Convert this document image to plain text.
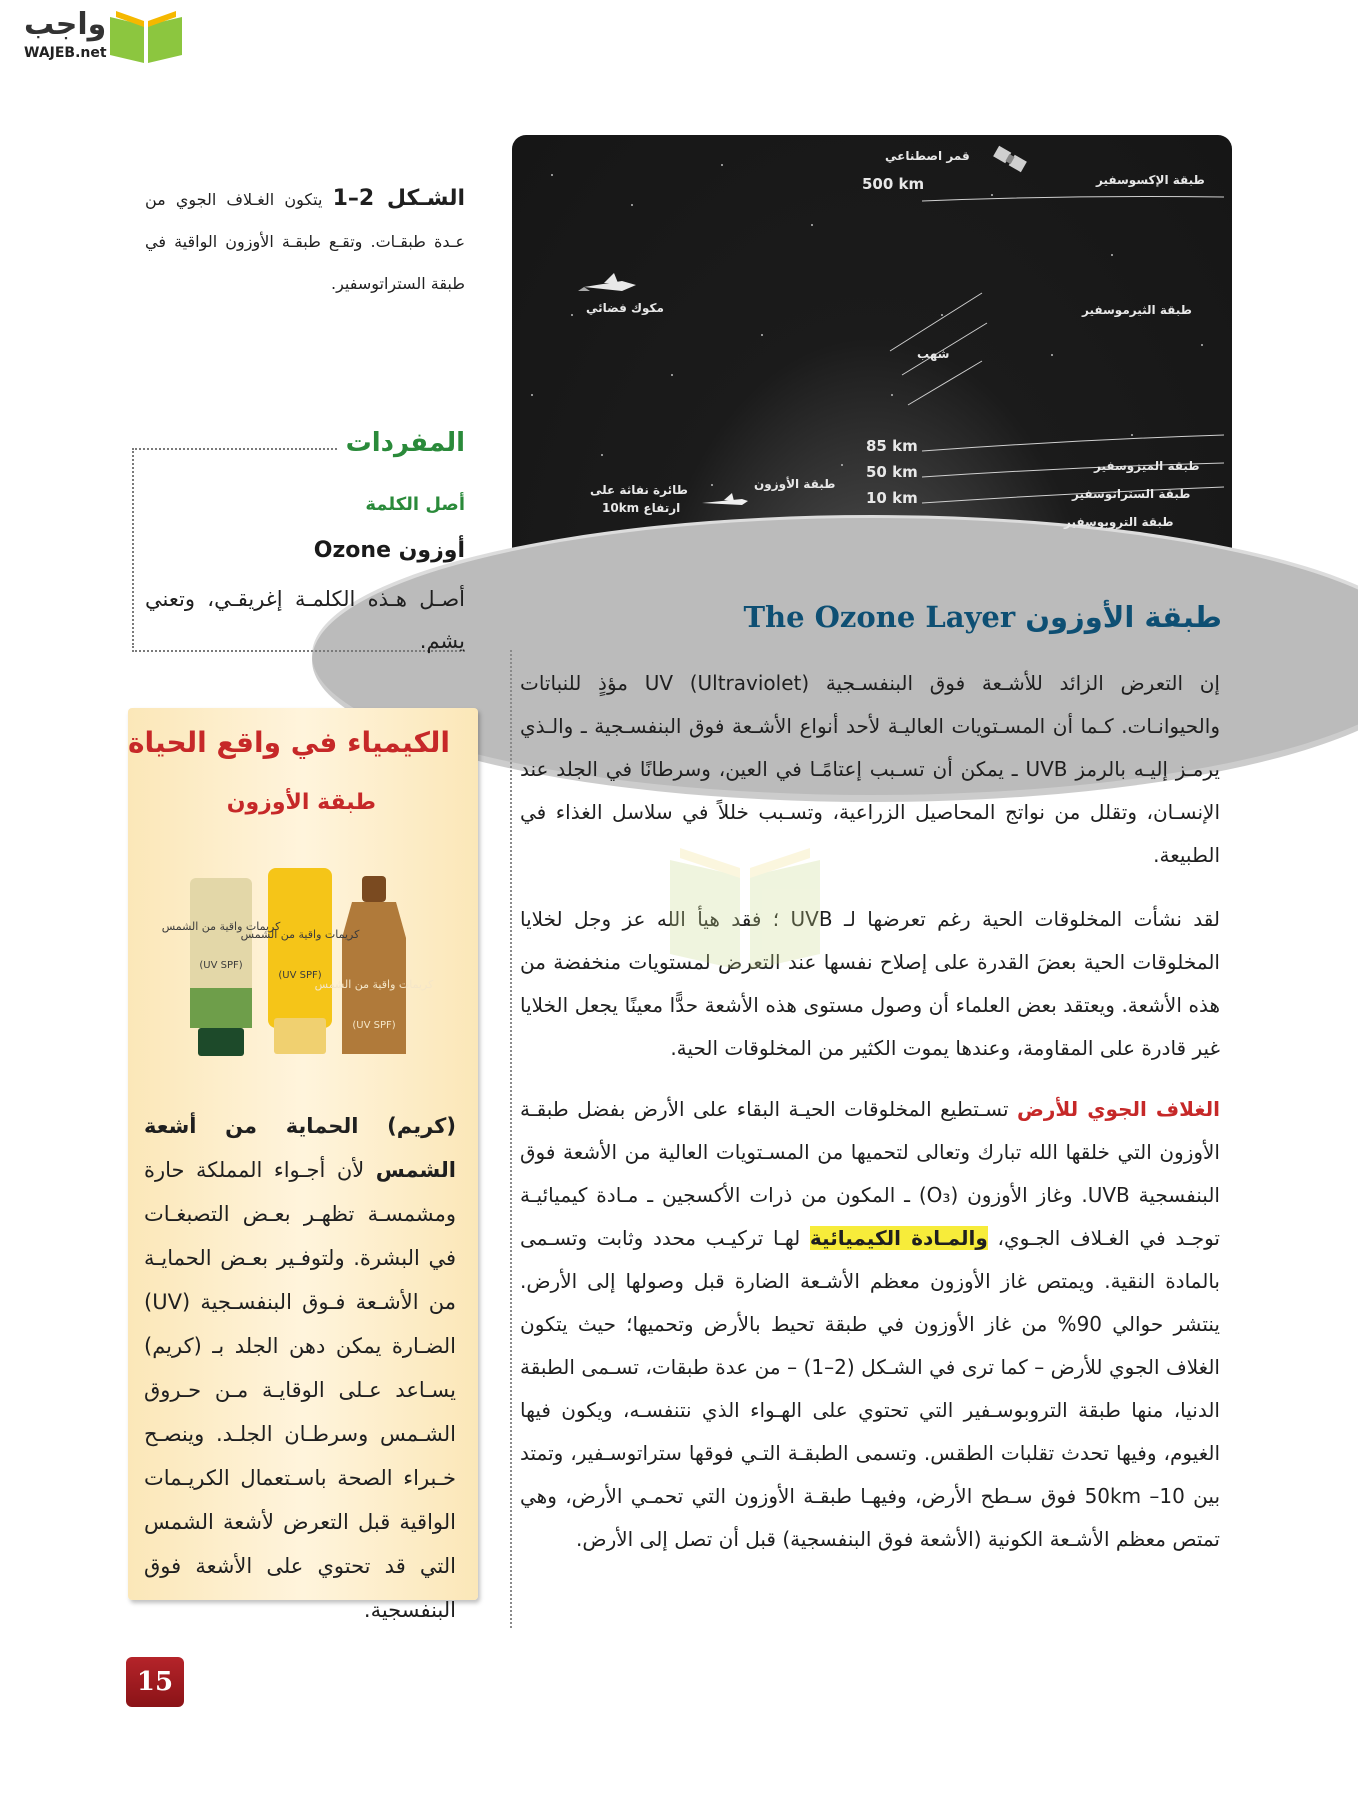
واجب
WAJEB.net
قمر اصطناعي
طبقة الإكسوسفير
500 km
مكوك فضائي	طبقة الثيرموسفير
شهب
85 km
طبقة الميزوسفير
50 km
طبقة الأوزون
طائرة نفاثة على	طبقة الستراتوسفير
10 km
ارتفاع 10km
طبقة التروبوسفير
الشـكل 2–1 يتكون الغـلاف الجوي من عـدة طبقـات. وتقـع طبقـة الأوزون الواقية في طبقة الستراتوسفير.
المفردات
أصل الكلمة
أوزون Ozone
أصـل هـذه الكلمـة إغريقـي، وتعني يشم.
الكيمياء في واقع الحياة
طبقة الأوزون
كريمات واقية من الشمس
(UV SPF)
كريمات واقية من الشمس
(UV SPF)
كريمات واقية من الشمس
(UV SPF)
(كريم) الحماية من أشعة الشمس لأن أجـواء المملكة حارة ومشمسـة تظهـر بعـض التصبغـات في البشرة. ولتوفـير بعـض الحمايـة من الأشـعة فـوق البنفسـجية (UV) الضـارة يمكن دهن الجلد بـ (كريم) يسـاعد عـلى الوقايـة مـن حـروق الشـمس وسرطـان الجلـد. وينصـح خـبراء الصحة باسـتعمال الكريـمات الواقية قبل التعرض لأشعة الشمس التي قد تحتوي على الأشعة فوق البنفسجية.
طبقة الأوزون The Ozone Layer
إن التعرض الزائد للأشـعة فوق البنفسـجية UV (Ultraviolet) مؤذٍ للنباتات والحيوانـات. كـما أن المسـتويات العاليـة لأحد أنواع الأشـعة فوق البنفسـجية ـ والـذي يرمـز إليـه بالرمز UVB ـ يمكن أن تسـبب إعتامًـا في العين، وسرطانًا في الجلد عند الإنسـان، وتقلل من نواتج المحاصيل الزراعية، وتسـبب خللاً في سلاسل الغذاء في الطبيعة.
لقد نشأت المخلوقات الحية رغم تعرضها لـ UVB ؛ فقد هيأ الله عز وجل لخلايا المخلوقات الحية بعضَ القدرة على إصلاح نفسها عند التعرض لمستويات منخفضة من هذه الأشعة. ويعتقد بعض العلماء أن وصول مستوى هذه الأشعة حدًّا معينًا يجعل الخلايا غير قادرة على المقاومة، وعندها يموت الكثير من المخلوقات الحية.
الغلاف الجوي للأرض تسـتطيع المخلوقات الحيـة البقاء على الأرض بفضل طبقـة الأوزون التي خلقها الله تبارك وتعالى لتحميها من المسـتويات العالية من الأشعة فوق البنفسجية UVB. وغاز الأوزون (O₃) ـ المكون من ذرات الأكسجين ـ مـادة كيميائيـة توجـد في الغـلاف الجـوي، والمـادة الكيميائية لهـا تركيـب محدد وثابت وتسـمى بالمادة النقية. ويمتص غاز الأوزون معظم الأشـعة الضارة قبل وصولها إلى الأرض. ينتشر حوالي 90% من غاز الأوزون في طبقة تحيط بالأرض وتحميها؛ حيث يتكون الغلاف الجوي للأرض – كما ترى في الشـكل (2–1) – من عدة طبقات، تسـمى الطبقة الدنيا، منها طبقة التروبوسـفير التي تحتوي على الهـواء الذي نتنفسـه، ويكون فيها الغيوم، وفيها تحدث تقلبات الطقس. وتسمى الطبقـة التـي فوقها ستراتوسـفير، وتمتد بين 50km –10 فوق سـطح الأرض، وفيهـا طبقـة الأوزون التي تحمـي الأرض، وهي تمتص معظم الأشـعة الكونية (الأشعة فوق البنفسجية) قبل أن تصل إلى الأرض.
15
